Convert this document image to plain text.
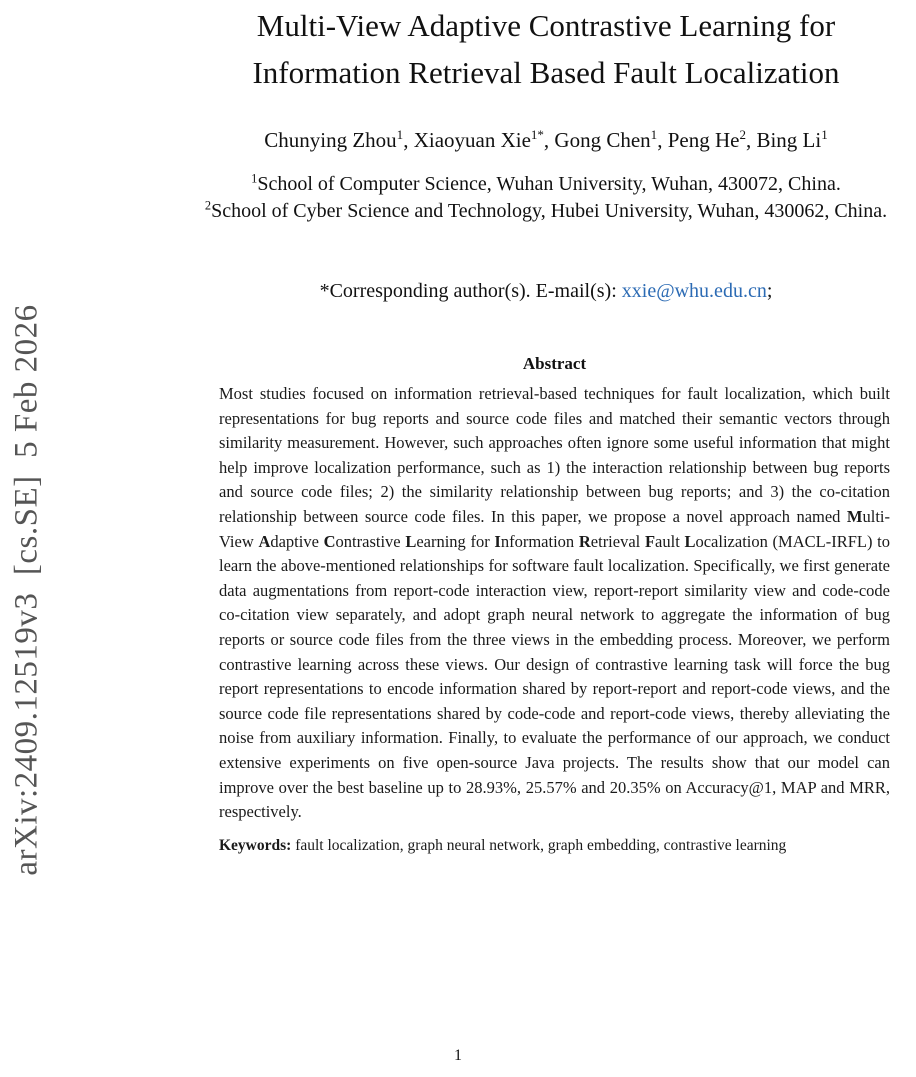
arXiv:2409.12519v3  [cs.SE]  5 Feb 2026
Multi-View Adaptive Contrastive Learning for
Information Retrieval Based Fault Localization

Chunying Zhou$^1$, Xiaoyuan Xie$^{1*}$, Gong Chen$^1$, Peng He$^2$, Bing Li$^1$

$^1$School of Computer Science, Wuhan University, Wuhan, 430072, China.

$^2$School of Cyber Science and Technology, Hubei University, Wuhan, 430062, China.

*Corresponding author(s). E-mail(s): xxie@whu.edu.cn;

Abstract

Most studies focused on information retrieval-based techniques for fault localization, which built representations for bug reports and source code files and matched their semantic vectors through similarity measurement. However, such approaches often ignore some useful information that might help improve localization performance, such as 1) the interaction relationship between bug reports and source code files; 2) the similarity relationship between bug reports; and 3) the co-citation relationship between source code files. In this paper, we propose a novel approach named Multi-View Adaptive Contrastive Learning for Information Retrieval Fault Localization (MACL-IRFL) to learn the above-mentioned relationships for software fault localization. Specifically, we first generate data augmentations from report-code interaction view, report-report similarity view and code-code co-citation view separately, and adopt graph neural network to aggregate the information of bug reports or source code files from the three views in the embedding process. Moreover, we perform contrastive learning across these views. Our design of contrastive learning task will force the bug report representations to encode information shared by report-report and report-code views, and the source code file representations shared by code-code and report-code views, thereby alleviating the noise from auxiliary information. Finally, to evaluate the performance of our approach, we conduct extensive experiments on five open-source Java projects. The results show that our model can improve over the best baseline up to 28.93%, 25.57% and 20.35% on Accuracy@1, MAP and MRR, respectively.

Keywords: fault localization, graph neural network, graph embedding, contrastive learning

1
